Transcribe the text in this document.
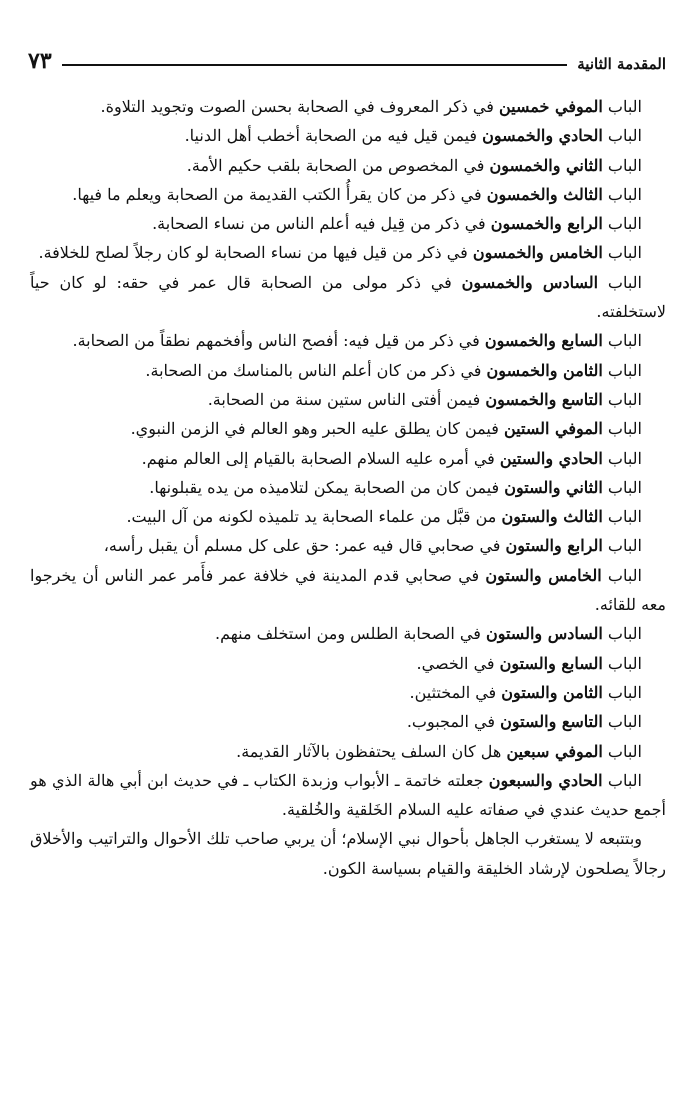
٧٣	المقدمة الثانية

الباب الموفي خمسين في ذكر المعروف في الصحابة بحسن الصوت وتجويد التلاوة.

الباب الحادي والخمسون فيمن قيل فيه من الصحابة أخطب أهل الدنيا.

الباب الثاني والخمسون في المخصوص من الصحابة بلقب حكيم الأمة.

الباب الثالث والخمسون في ذكر من كان يقرأُ الكتب القديمة من الصحابة ويعلم ما فيها.

الباب الرابع والخمسون في ذكر من قِيل فيه أعلم الناس من نساء الصحابة.

الباب الخامس والخمسون في ذكر من قيل فيها من نساء الصحابة لو كان رجلاً لصلح للخلافة.

الباب السادس والخمسون في ذكر مولى من الصحابة قال عمر في حقه: لو كان حياً لاستخلفته.

الباب السابع والخمسون في ذكر من قيل فيه: أفصح الناس وأفخمهم نطقاً من الصحابة.

الباب الثامن والخمسون في ذكر من كان أعلم الناس بالمناسك من الصحابة.

الباب التاسع والخمسون فيمن أفتى الناس ستين سنة من الصحابة.

الباب الموفي الستين فيمن كان يطلق عليه الحبر وهو العالم في الزمن النبوي.

الباب الحادي والستين في أمره عليه السلام الصحابة بالقيام إلى العالم منهم.

الباب الثاني والستون فيمن كان من الصحابة يمكن لتلاميذه من يده يقبلونها.

الباب الثالث والستون من قبَّل من علماء الصحابة يد تلميذه لكونه من آل البيت.

الباب الرابع والستون في صحابي قال فيه عمر: حق على كل مسلم أن يقبل رأسه،

الباب الخامس والستون في صحابي قدم المدينة في خلافة عمر فأَمر عمر الناس أن يخرجوا معه للقائه.

الباب السادس والستون في الصحابة الطلس ومن استخلف منهم.

الباب السابع والستون في الخصي.

الباب الثامن والستون في المختثين.

الباب التاسع والستون في المجبوب.

الباب الموفي سبعين هل كان السلف يحتفظون بالآثار القديمة.

الباب الحادي والسبعون جعلته خاتمة ـ الأبواب وزبدة الكتاب ـ في حديث ابن أبي هالة الذي هو أجمع حديث عندي في صفاته عليه السلام الخَلقية والخُلقية.

وبتتبعه لا يستغرب الجاهل بأحوال نبي الإسلام؛ أن يربي صاحب تلك الأحوال والتراتيب والأخلاق رجالاً يصلحون لإرشاد الخليقة والقيام بسياسة الكون.
